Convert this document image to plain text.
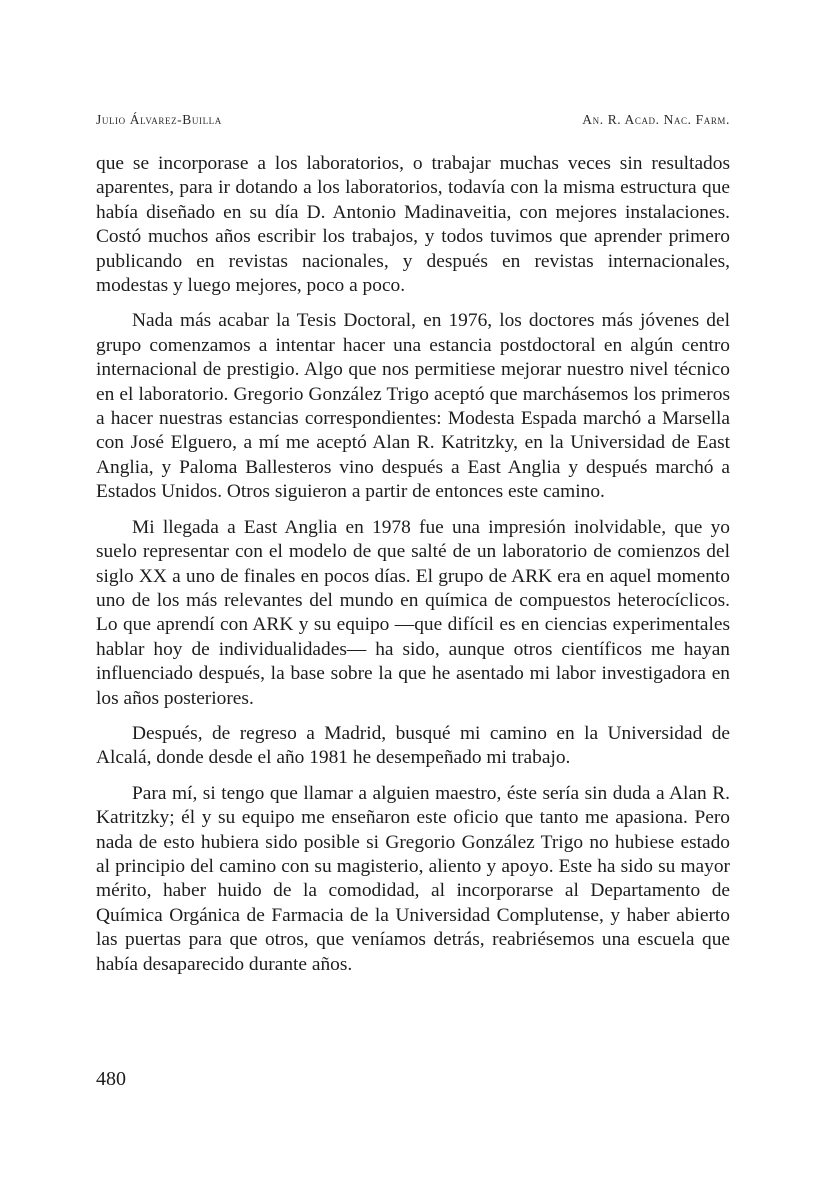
Julio Álvarez-Builla	An. R. Acad. Nac. Farm.

que se incorporase a los laboratorios, o trabajar muchas veces sin resultados aparentes, para ir dotando a los laboratorios, todavía con la misma estructura que había diseñado en su día D. Antonio Madinaveitia, con mejores instalaciones. Costó muchos años escribir los trabajos, y todos tuvimos que aprender primero publicando en revistas nacionales, y después en revistas internacionales, modestas y luego mejores, poco a poco.

Nada más acabar la Tesis Doctoral, en 1976, los doctores más jóvenes del grupo comenzamos a intentar hacer una estancia postdoctoral en algún centro internacional de prestigio. Algo que nos permitiese mejorar nuestro nivel técnico en el laboratorio. Gregorio González Trigo aceptó que marchásemos los primeros a hacer nuestras estancias correspondientes: Modesta Espada marchó a Marsella con José Elguero, a mí me aceptó Alan R. Katritzky, en la Universidad de East Anglia, y Paloma Ballesteros vino después a East Anglia y después marchó a Estados Unidos. Otros siguieron a partir de entonces este camino.

Mi llegada a East Anglia en 1978 fue una impresión inolvidable, que yo suelo representar con el modelo de que salté de un laboratorio de comienzos del siglo XX a uno de finales en pocos días. El grupo de ARK era en aquel momento uno de los más relevantes del mundo en química de compuestos heterocíclicos. Lo que aprendí con ARK y su equipo —que difícil es en ciencias experimentales hablar hoy de individualidades— ha sido, aunque otros científicos me hayan influenciado después, la base sobre la que he asentado mi labor investigadora en los años posteriores.

Después, de regreso a Madrid, busqué mi camino en la Universidad de Alcalá, donde desde el año 1981 he desempeñado mi trabajo.

Para mí, si tengo que llamar a alguien maestro, éste sería sin duda a Alan R. Katritzky; él y su equipo me enseñaron este oficio que tanto me apasiona. Pero nada de esto hubiera sido posible si Gregorio González Trigo no hubiese estado al principio del camino con su magisterio, aliento y apoyo. Este ha sido su mayor mérito, haber huido de la comodidad, al incorporarse al Departamento de Química Orgánica de Farmacia de la Universidad Complutense, y haber abierto las puertas para que otros, que veníamos detrás, reabriésemos una escuela que había desaparecido durante años.

480
